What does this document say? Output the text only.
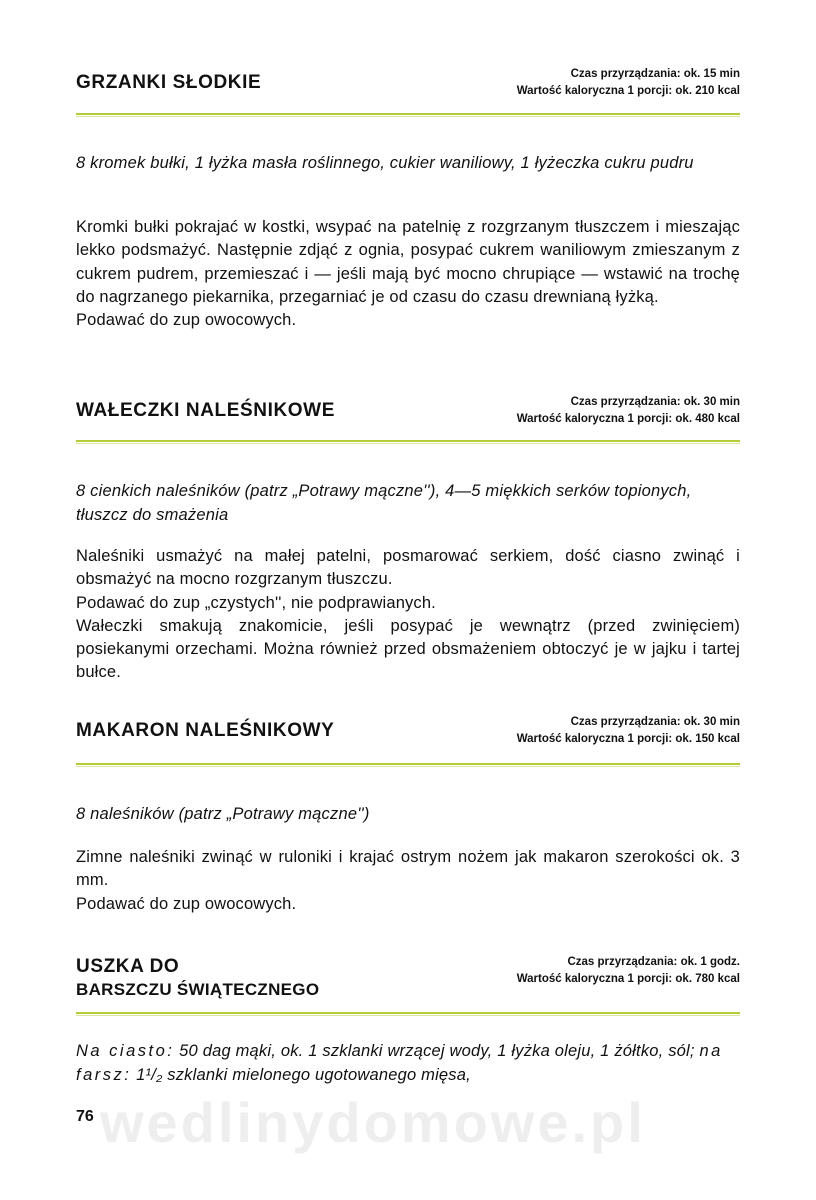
GRZANKI SŁODKIE	Czas przyrządzania: ok. 15 min
Wartość kaloryczna 1 porcji: ok. 210 kcal
8 kromek bułki, 1 łyżka masła roślinnego, cukier waniliowy, 1 łyżeczka cukru pudru

Kromki bułki pokrajać w kostki, wsypać na patelnię z rozgrzanym tłuszczem i mieszając lekko podsmażyć. Następnie zdjąć z ognia, posypać cukrem waniliowym zmieszanym z cukrem pudrem, przemieszać i — jeśli mają być mocno chrupiące — wstawić na trochę do nagrzanego piekarnika, przegarniać je od czasu do czasu drewnianą łyżką.

Podawać do zup owocowych.

WAŁECZKI NALEŚNIKOWE	Czas przyrządzania: ok. 30 min
Wartość kaloryczna 1 porcji: ok. 480 kcal
8 cienkich naleśników (patrz „Potrawy mączne''), 4—5 miękkich serków topionych, tłuszcz do smażenia

Naleśniki usmażyć na małej patelni, posmarować serkiem, dość ciasno zwinąć i obsmażyć na mocno rozgrzanym tłuszczu.

Podawać do zup „czystych'', nie podprawianych.

Wałeczki smakują znakomicie, jeśli posypać je wewnątrz (przed zwinięciem) posiekanymi orzechami. Można również przed obsmażeniem obtoczyć je w jajku i tartej bułce.

MAKARON NALEŚNIKOWY	Czas przyrządzania: ok. 30 min
Wartość kaloryczna 1 porcji: ok. 150 kcal
8 naleśników (patrz „Potrawy mączne'')

Zimne naleśniki zwinąć w ruloniki i krajać ostrym nożem jak makaron szerokości ok. 3 mm.

Podawać do zup owocowych.

USZKA DO
BARSZCZU ŚWIĄTECZNEGO
Czas przyrządzania: ok. 1 godz.
Wartość kaloryczna 1 porcji: ok. 780 kcal
Na ciasto: 50 dag mąki, ok. 1 szklanki wrzącej wody, 1 łyżka oleju, 1 żółtko, sól; na farsz: 1¹/₂ szklanki mielonego ugotowanego mięsa,
wedlinydomowe.pl
76
